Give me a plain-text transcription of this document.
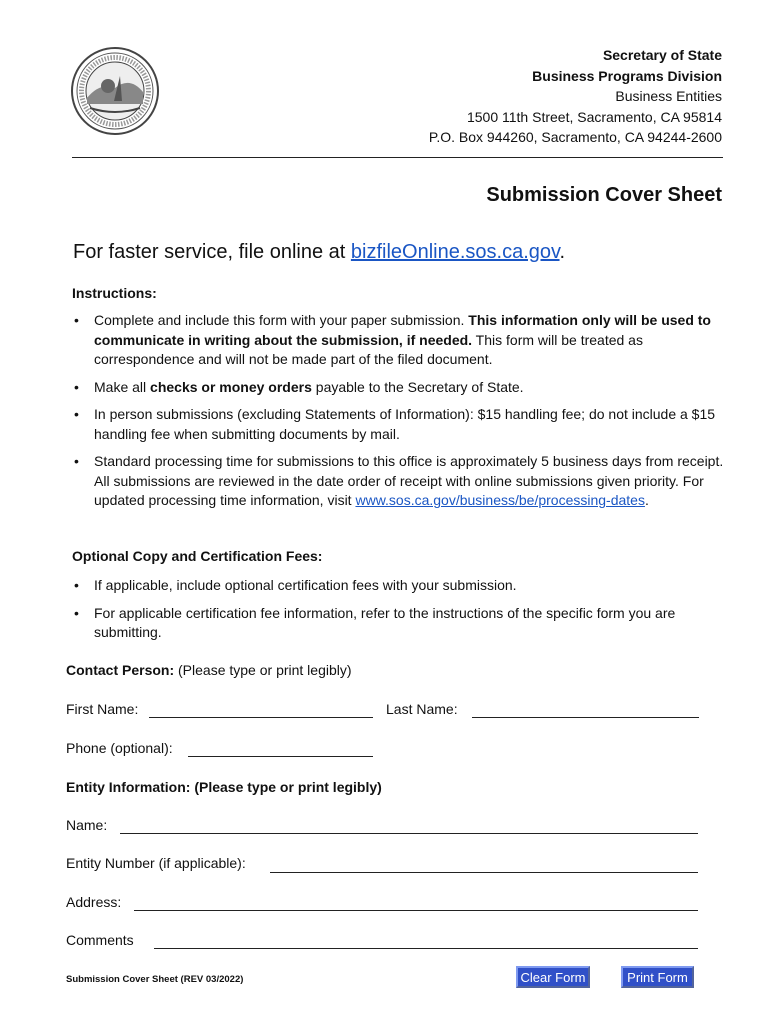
Secretary of State
Business Programs Division
Business Entities
1500 11th Street, Sacramento, CA 95814
P.O. Box 944260, Sacramento, CA 94244-2600
Submission Cover Sheet
For faster service, file online at bizfileOnline.sos.ca.gov.
Instructions:
• Complete and include this form with your paper submission. This information only will be used to communicate in writing about the submission, if needed. This form will be treated as correspondence and will not be made part of the filed document.
• Make all checks or money orders payable to the Secretary of State.
• In person submissions (excluding Statements of Information): $15 handling fee; do not include a $15 handling fee when submitting documents by mail.
• Standard processing time for submissions to this office is approximately 5 business days from receipt. All submissions are reviewed in the date order of receipt with online submissions given priority. For updated processing time information, visit www.sos.ca.gov/business/be/processing-dates.
Optional Copy and Certification Fees:
• If applicable, include optional certification fees with your submission.
• For applicable certification fee information, refer to the instructions of the specific form you are submitting.
Contact Person: (Please type or print legibly)
First Name:	Last Name:
Phone (optional):
Entity Information: (Please type or print legibly)
Name:
Entity Number (if applicable):
Address:
Comments
Submission Cover Sheet (REV 03/2022)	Clear Form	Print Form
